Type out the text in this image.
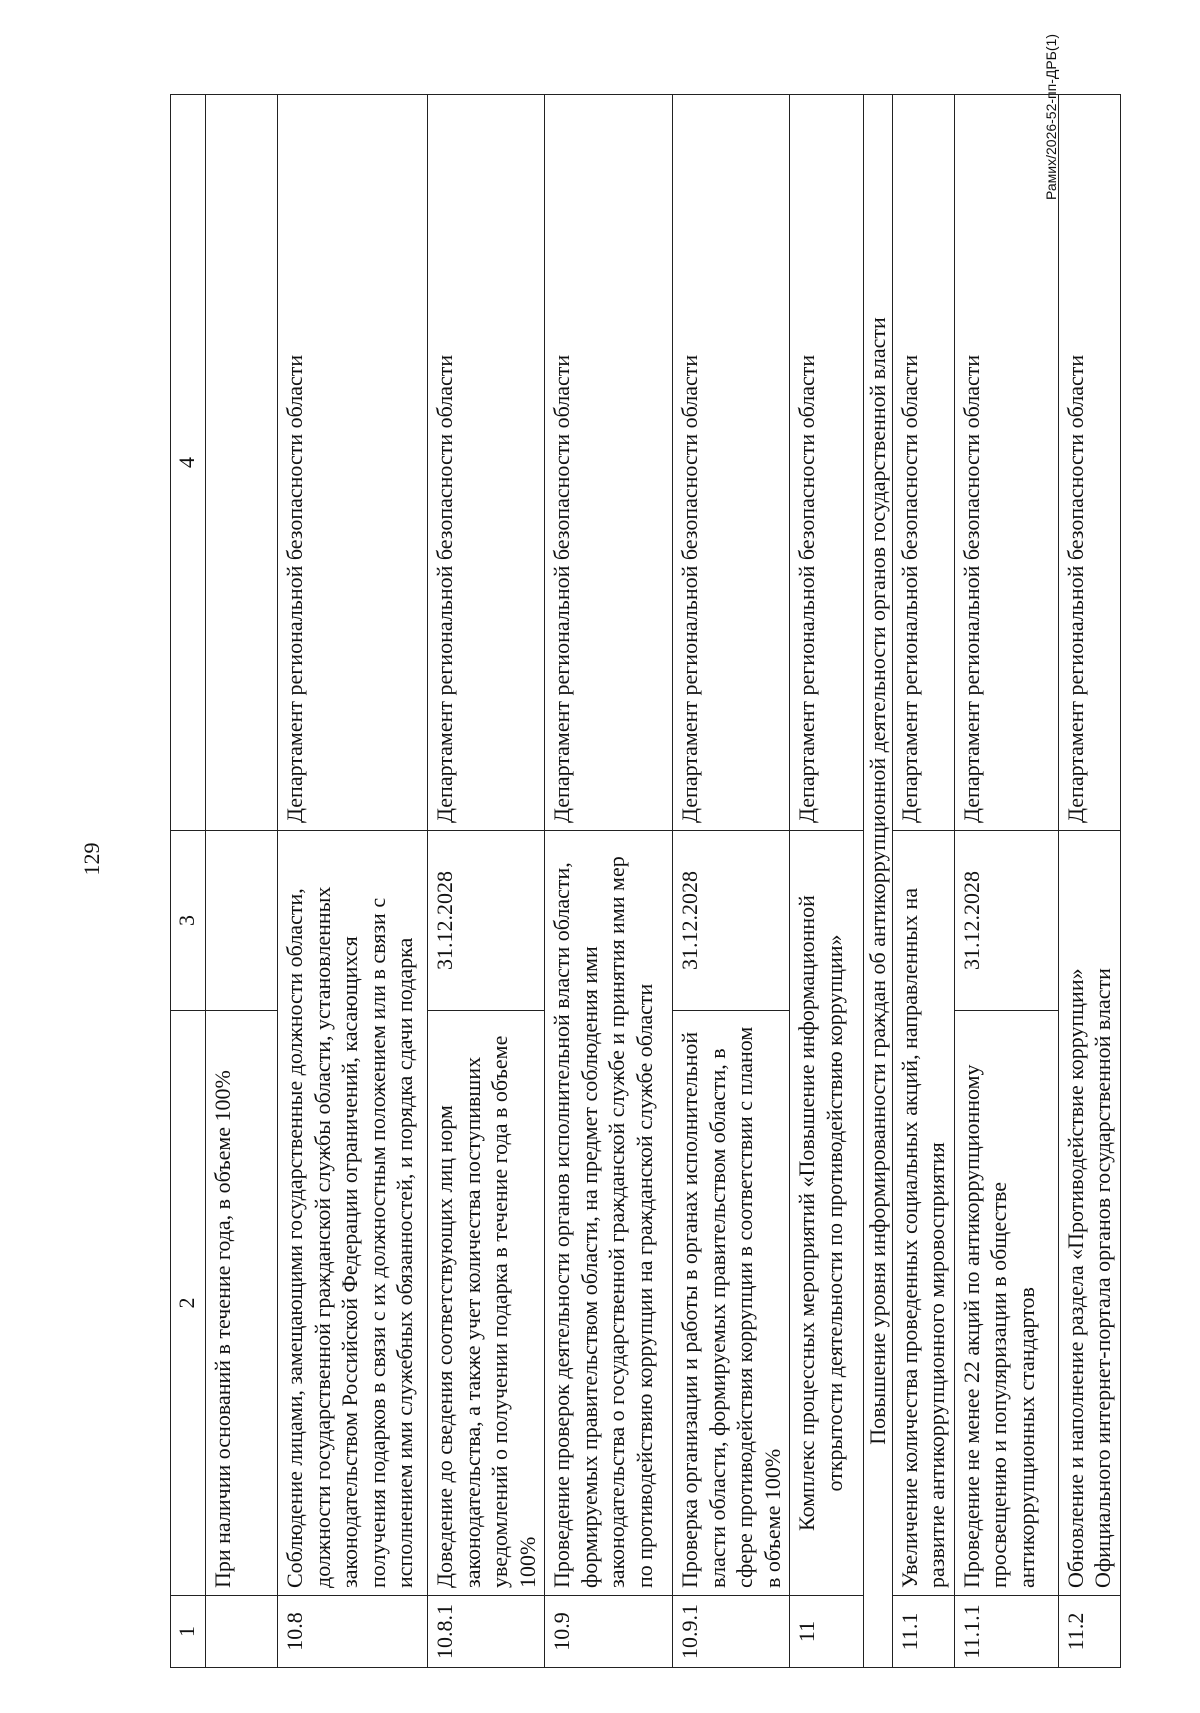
129
Рамих/2026-52-пп-ДРБ(1)
1	2	3	4
	При наличии оснований в течение года, в объеме 100%		
10.8	Соблюдение лицами, замещающими государственные должности области, должности государственной гражданской службы области, установленных законодательством Российской Федерации ограничений, касающихся получения подарков в связи с их должностным положением или в связи с исполнением ими служебных обязанностей, и порядка сдачи подарка		Департамент региональной безопасности области
10.8.1	Доведение до сведения соответствующих лиц норм законодательства, а также учет количества поступивших уведомлений о получении подарка в течение года в объеме 100%	31.12.2028	Департамент региональной безопасности области
10.9	Проведение проверок деятельности органов исполнительной власти области, формируемых правительством области, на предмет соблюдения ими законодательства о государственной гражданской службе и принятия ими мер по противодействию коррупции на гражданской службе области		Департамент региональной безопасности области
10.9.1	Проверка организации и работы в органах исполнительной власти области, формируемых правительством области, в сфере противодействия коррупции в соответствии с планом в объеме 100%	31.12.2028	Департамент региональной безопасности области
11	Комплекс процессных мероприятий «Повышение информационной открытости деятельности по противодействию коррупции»		Департамент региональной безопасности области
Повышение уровня информированности граждан об антикоррупционной деятельности органов государственной власти			
11.1	Увеличение количества проведенных социальных акций, направленных на развитие антикоррупционного мировосприятия		Департамент региональной безопасности области
11.1.1	Проведение не менее 22 акций по антикоррупционному просвещению и популяризации в обществе антикоррупционных стандартов	31.12.2028	Департамент региональной безопасности области
11.2	Обновление и наполнение раздела «Противодействие коррупции» Официального интернет-портала органов государственной власти		Департамент региональной безопасности области
